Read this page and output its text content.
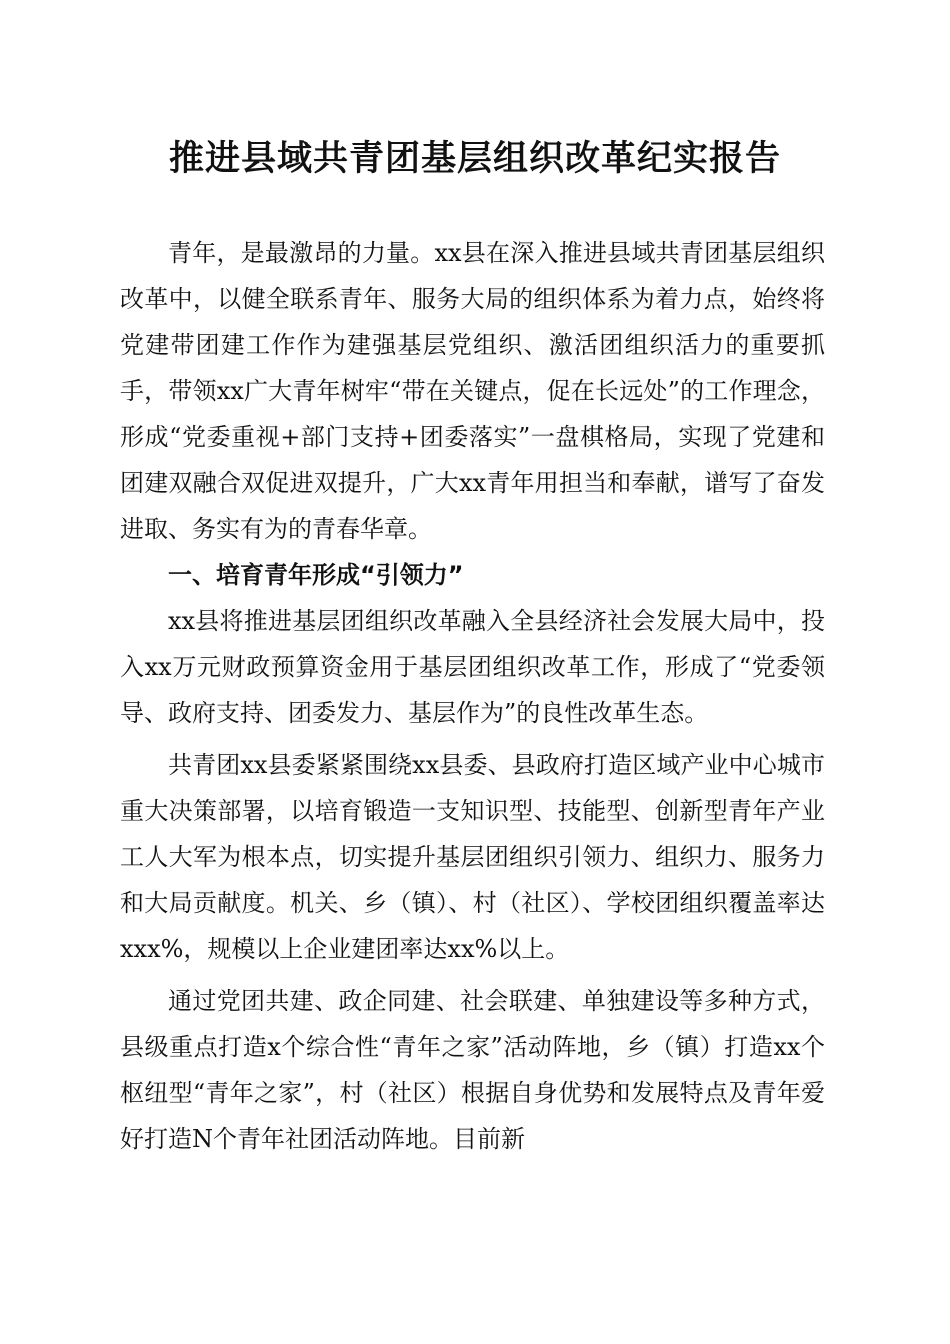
推进县域共青团基层组织改革纪实报告

青年，是最激昂的力量。xx县在深入推进县域共青团基层组织改革中，以健全联系青年、服务大局的组织体系为着力点，始终将党建带团建工作作为建强基层党组织、激活团组织活力的重要抓手，带领xx广大青年树牢“带在关键点，促在长远处”的工作理念，形成“党委重视+部门支持+团委落实”一盘棋格局，实现了党建和团建双融合双促进双提升，广大xx青年用担当和奉献，谱写了奋发进取、务实有为的青春华章。

一、培育青年形成“引领力”

xx县将推进基层团组织改革融入全县经济社会发展大局中，投入xx万元财政预算资金用于基层团组织改革工作，形成了“党委领导、政府支持、团委发力、基层作为”的良性改革生态。

共青团xx县委紧紧围绕xx县委、县政府打造区域产业中心城市重大决策部署，以培育锻造一支知识型、技能型、创新型青年产业工人大军为根本点，切实提升基层团组织引领力、组织力、服务力和大局贡献度。机关、乡（镇）、村（社区）、学校团组织覆盖率达xxx%，规模以上企业建团率达xx%以上。

通过党团共建、政企同建、社会联建、单独建设等多种方式，县级重点打造x个综合性“青年之家”活动阵地，乡（镇）打造xx个枢纽型“青年之家”，村（社区）根据自身优势和发展特点及青年爱好打造N个青年社团活动阵地。目前新
